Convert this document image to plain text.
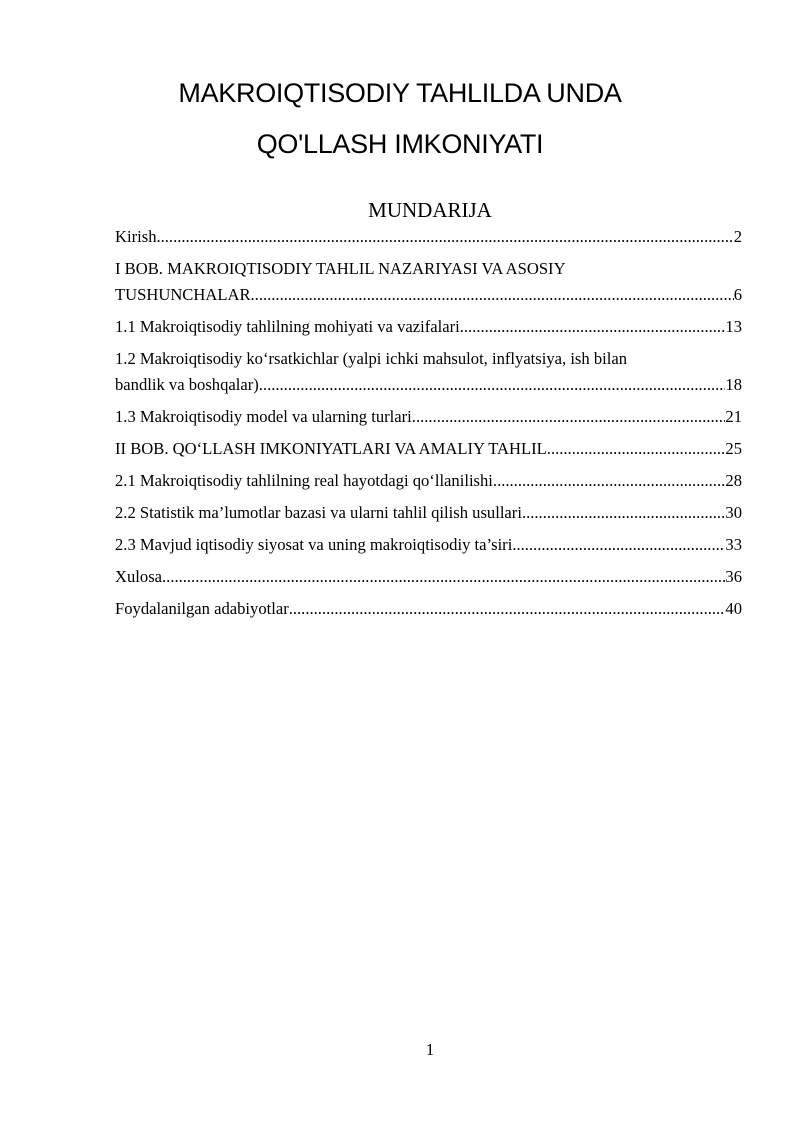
MAKROIQTISODIY TAHLILDA UNDA
QO'LLASH IMKONIYATI
MUNDARIJA
Kirish .....	2
I BOB. MAKROIQTISODIY TAHLIL NAZARIYASI VA ASOSIY
TUSHUNCHALAR .....	6
1.1 Makroiqtisodiy tahlilning mohiyati va vazifalari .....	13
1.2 Makroiqtisodiy ko‘rsatkichlar (yalpi ichki mahsulot, inflyatsiya, ish bilan
bandlik va boshqalar) .....	18
1.3 Makroiqtisodiy model va ularning turlari .....	21
II BOB. QO‘LLASH IMKONIYATLARI VA AMALIY TAHLIL .....	25
2.1 Makroiqtisodiy tahlilning real hayotdagi qo‘llanilishi .....	28
2.2 Statistik ma’lumotlar bazasi va ularni tahlil qilish usullari .....	30
2.3 Mavjud iqtisodiy siyosat va uning makroiqtisodiy ta’siri .....	33
Xulosa .....	36
Foydalanilgan adabiyotlar .....	40
1
